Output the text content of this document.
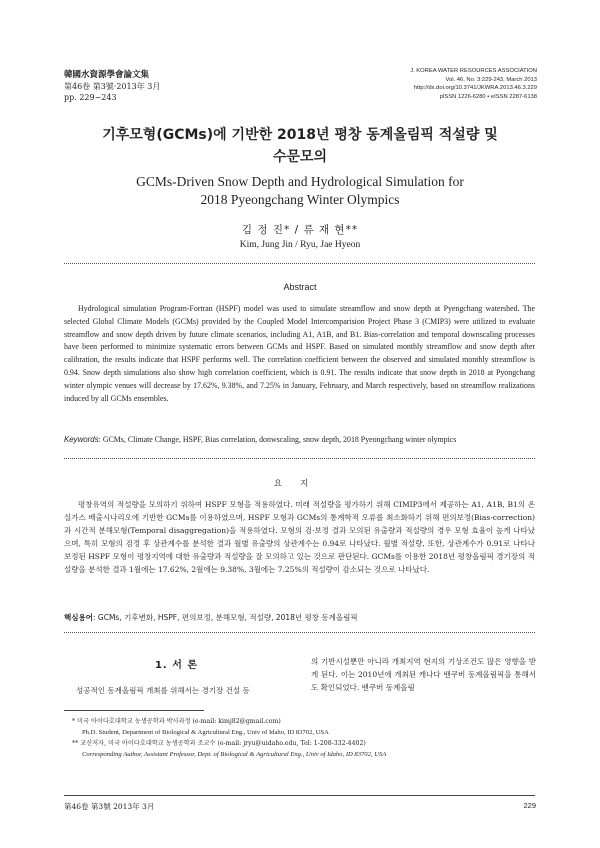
韓國水資源學會論文集
第46卷 第3號·2013年 3月
pp. 229~243
J. KOREA WATER RESOURCES ASSOCIATION
Vol. 46, No. 3:229-243, March 2013
http://dx.doi.org/10.3741/JKWRA.2013.46.3.229
pISSN 1226-6280 • eISSN 2287-6138
기후모형(GCMs)에 기반한 2018년 평창 동계올림픽 적설량 및
수문모의
GCMs-Driven Snow Depth and Hydrological Simulation for
2018 Pyeongchang Winter Olympics
김 정 진* / 류 재 현**
Kim, Jung Jin / Ryu, Jae Hyeon
Abstract
Hydrological simulation Program-Fortran (HSPF) model was used to simulate streamflow and snow depth at Pyengchang watershed. The selected Global Climate Models (GCMs) provided by the Coupled Model Intercomparision Project Phase 3 (CMIP3) were utilized to evaluate streamflow and snow depth driven by future climate scenarios, including A1, A1B, and B1. Bias-correlation and temporal downscaling processes have been performed to minimize systematic errors between GCMs and HSPF. Based on simulated monthly streamflow and snow depth after calibration, the results indicate that HSPF performs well. The correlation coefficient between the observed and simulated monthly streamflow is 0.94. Snow depth simulations also show high correlation coefficient, which is 0.91. The results indicate that snow depth in 2018 at Pyongchang winter olympic venues will decrease by 17.62%, 9.38%, and 7.25% in January, February, and March respectively, based on streamflow realizations induced by all GCMs ensembles.
Keywords: GCMs, Climate Change, HSPF, Bias correlation, donwscaling, snow depth, 2018 Pyeongchang winter olympics
요지
평창유역의 적설량을 모의하기 위하여 HSPF 모형을 적용하였다. 미래 적설량을 평가하기 위해 CIMIP3에서 제공하는 A1, A1B, B1의 온실가스 배출시나리오에 기반한 GCMs를 이용하였으며, HSPF 모형과 GCMs의 통계학적 오류를 최소화하기 위해 편의보정(Bias-correction)과 시간적 분해모형(Temporal disaggregation)을 적용하였다. 모형의 검·보정 결과 모의된 유출량과 적설량의 경우 모형 효율이 높게 나타났으며, 특히 모형의 검정 후 상관계수를 분석한 결과 월별 유출량의 상관계수는 0.94로 나타났다. 월별 적설량, 또한, 상관계수가 0.91로 나타나 보정된 HSPF 모형이 평창지역에 대한 유출량과 적설량을 잘 모의하고 있는 것으로 판단된다. GCMs를 이용한 2018년 평창올림픽 경기장의 적설량을 분석한 결과 1월에는 17.62%, 2월에는 9.38%, 3월에는 7.25%의 적설량이 감소되는 것으로 나타났다.
핵심용어: GCMs, 기후변화, HSPF, 편의보정, 분해모형, 적설량, 2018년 평창 동계올림픽
1. 서 론
성공적인 동계올림픽 개최를 위해서는 경기장 건설 등
의 기반시설뿐만 아니라 개최지역 현지의 기상조건도 많은 영향을 받게 된다. 이는 2010년에 개최된 캐나다 밴쿠버 동계올림픽을 통해서도 확인되었다. 밴쿠버 동계올림
* 미국 아이다호대학교 농생공학과 박사과정 (e-mail: kimj82@gmail.com)
Ph.D. Student, Department of Biological & Agricultural Eng., Univ of Idaho, ID 83702, USA
** 교신저자, 미국 아이다호대학교 농생공학과 조교수 (e-mail: jryu@uidaho.edu, Tel: 1-208-332-4402)
Corresponding Author, Assistant Professor, Dept. of Biological & Agricultural Eng., Univ of Idaho, ID 83702, USA
第46卷 第3號 2013年 3月	229
